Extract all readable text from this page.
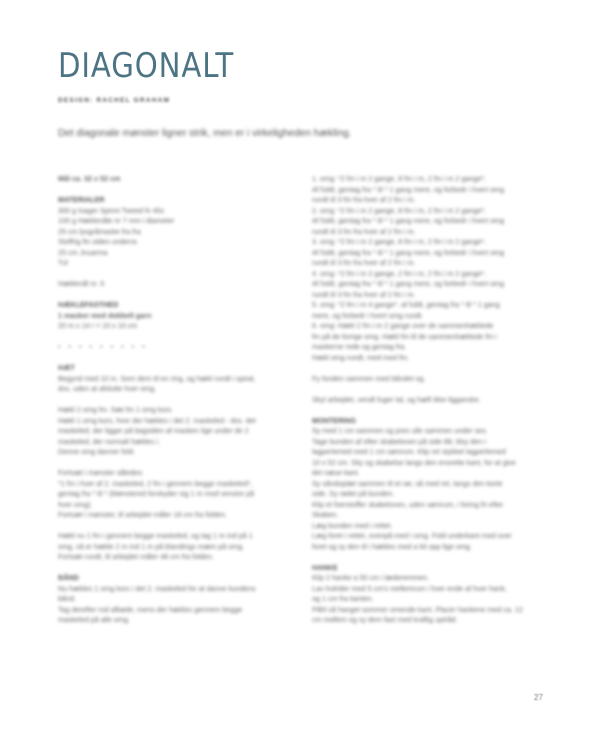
DIAGONALT
DESIGN: RACHEL GRAHAM
Det diagonale mønster ligner strik, men er i virkeligheden hækling.
Mål ca. 32 x 52 cm
MATERIALER
300 g Isager Spinni Tweed fv 45s
100 g Hæklenåle nr 7 mm i diameter
25 cm lysgråmaske fra fra
Stoffrig fin ulden underra
25 cm Jnuarma
Tul
Hæklenål nr. 6
HÆKLEFASTHED
1 masker med dobbelt garn
20 m x 14 r = 10 x 10 cm
• • • • • • • • •
HÆT
Begynd med 10 m. Sorn dem til en ring, og hækl rundt i spiral,
dvs. uden at afslutte hver omg.
Hækl 2 omg fm. Sæt fm 1 omg kors
Hækl 1 omg kors, hvor der hækles i det 2. maskeled - dvs. det
maskeled, der ligger på bagsiden af masken lige under de 2
maskeled, der normalt hækles i.
Denne omg danner fold.
Fortsæt i mønster således:
*1 fm i hver af 2. maskeled, 2 fm i gennem begge maskeled*,
gentag fra * til * (Mønstered forskyder sig 1 m mod venstre på
hver omg).
Fortsæt i mønster, til arbejdet måler 18 cm fra folden.
Hækl nu 1 fm i gennem begge maskeled, og tag 1 m ind på 1
omg, så er hækle 2 m ind 1 m på blandings mæm på omg.
Fortsæt rundt, til arbejdet måler 48 cm fra folden.
BÅND
Nu hækles 1 omg kors i det 2. maskeled for at danne kundens
bånd.
Tag derefter rod afbøde, mens der hækles gennem begge
maskeled på alle omg.
1. omg: *2 fm i m 2 gange, 8 fm i m, 2 fm i m 2 gange*.
Af fuldt, gentag fra * til * 1 gang mere, og forbedr i hvert omg
rundt til 3 fm fra hver af 2 fm i m.
2. omg: *2 fm i m 2 gange, 8 fm i m, 2 fm i m 2 gange*.
Af fuldt, gentag fra * til * 1 gang mere, og forbedr i hvert omg
rundt til 3 fm fra hver af 2 fm i m.
3. omg: *2 fm i m 2 gange, 8 fm i m, 2 fm i m 2 gange*.
Af fuldt, gentag fra * til * 1 gang mere, og forbedr i hvert omg
rundt til 3 fm fra hver af 2 fm i m.
4. omg: *2 fm i m 2 gange, 2 fm i m, 2 fm i m 2 gange*.
Af fuldt, gentag fra * til * 1 gang mere, og forbedr i hvert omg
rundt til 3 fm fra hver af 2 fm i m.
5. omg: *2 fm i m 4 gange*. af fuldt, gentag fra * til * 1 gang
mere, og forbedr i hvert omg rundt.
6. omg: Hækl 2 fm i m 2 gange over de sammenhæklede
fm på de forrige omg. Hækl fm til de sammenhæklede fm i
maskerne rede og gentag fra.
Hækl omg rundt, med med fm.
Fy fonden sammen med båndet og.
Skyl arbejdet, vendt fuger tal, og hæft ikke ligganske.
MONTERING
Sy med 1 cm sammen og pres ulle sammen under ses.
Tage bunden af efter skabelonen på side 88, tilsy den i
lagperlemed med 1 cm sømrum. Klip ret stykket lagperlemed
10 x 52 cm. Sky og skabelse langs den ensrette kant, for at give
det næse kant.
Sy såndoplæt sammen til et rør, så med ret, langs den korte
side. Sy rødet på bunden.
Klip et foerstoffer skabelonen, uden sømrum, i foring fri efter
Skaben.
Læg bunden med i rettet.
Læg foret i rettet, ovenpå med i omg. Fold underkant med over
foret og sy den til i hækles med a kit opp lige omg.
HANKE
Klip 2 hanke a 50 cm i læderemmen.
Lav hulrider med 5 cm's mellemrum i hver ende af hver hank,
og 1 cm fra kanten.
Påhl så hanget sommer omende kant. Placer hankene med ca. 12
cm mellem og sy dem fast med kraftig uptråd.
27
